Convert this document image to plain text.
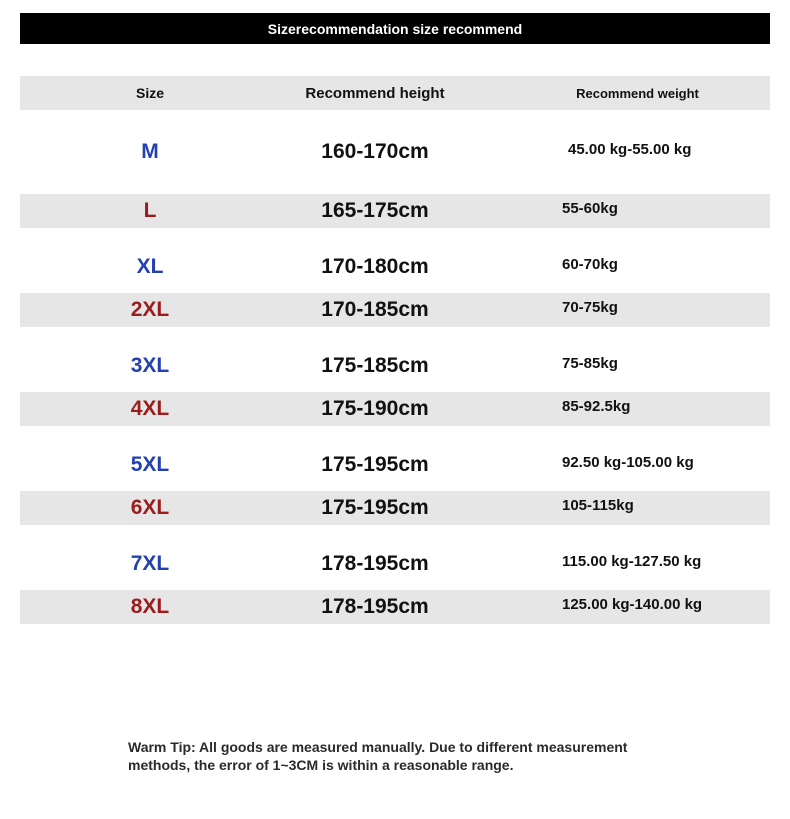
Sizerecommendation size recommend
Size	Recommend height	Recommend weight
M	160-170cm	45.00 kg-55.00 kg
L	165-175cm	55-60kg
XL	170-180cm	60-70kg
2XL	170-185cm	70-75kg
3XL	175-185cm	75-85kg
4XL	175-190cm	85-92.5kg
5XL	175-195cm	92.50 kg-105.00 kg
6XL	175-195cm	105-115kg
7XL	178-195cm	115.00 kg-127.50 kg
8XL	178-195cm	125.00 kg-140.00 kg
Warm Tip: All goods are measured manually. Due to different measurement
methods, the error of 1~3CM is within a reasonable range.
